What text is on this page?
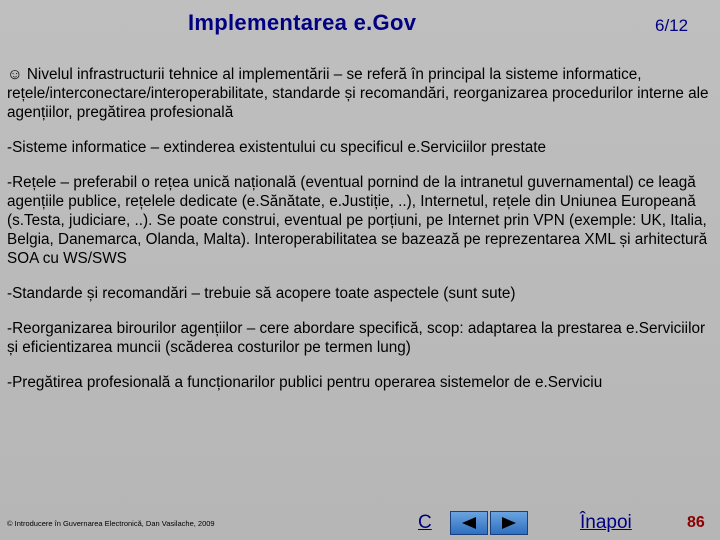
Implementarea e.Gov	6/12

☺ Nivelul infrastructurii tehnice al implementării – se referă în principal la sisteme informatice, rețele/interconectare/interoperabilitate, standarde și recomandări, reorganizarea procedurilor interne ale agențiilor, pregătirea profesională

-Sisteme informatice – extinderea existentului cu specificul e.Serviciilor prestate

-Rețele – preferabil o rețea unică națională (eventual pornind de la intranetul guvernamental) ce leagă agențiile publice, rețelele dedicate (e.Sănătate, e.Justiție, ..), Internetul, rețele din Uniunea Europeană (s.Testa, judiciare, ..). Se poate construi, eventual pe porțiuni, pe Internet prin VPN (exemple: UK, Italia, Belgia, Danemarca, Olanda, Malta). Interoperabilitatea se bazează pe reprezentarea XML și arhitectură SOA cu WS/SWS

-Standarde și recomandări – trebuie să acopere toate aspectele (sunt sute)

-Reorganizarea birourilor agențiilor – cere abordare specifică, scop: adaptarea la prestarea e.Serviciilor și eficientizarea muncii (scăderea costurilor pe termen lung)

-Pregătirea profesională a funcționarilor publici pentru operarea sistemelor de e.Serviciu

© Introducere în Guvernarea Electronică, Dan Vasilache, 2009	C	Înapoi	86
